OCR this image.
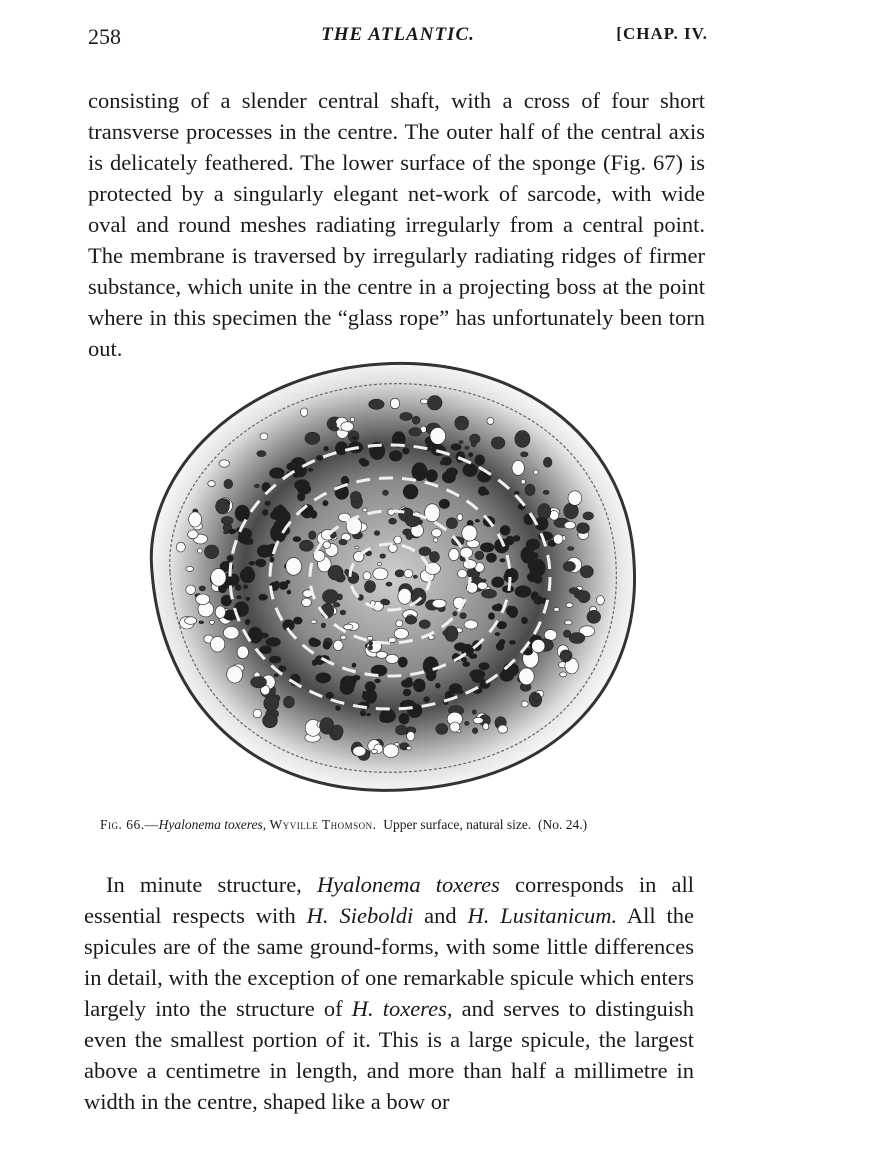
258	THE ATLANTIC.	[CHAP. IV.

consisting of a slender central shaft, with a cross of four short transverse processes in the centre. The outer half of the central axis is delicately feathered. The lower surface of the sponge (Fig. 67) is protected by a singularly elegant net-work of sarcode, with wide oval and round meshes radiating irregularly from a central point. The membrane is traversed by irregularly radiating ridges of firmer substance, which unite in the centre in a projecting boss at the point where in this specimen the “glass rope” has unfortunately been torn out.

Fig. 66.—Hyalonema toxeres, Wyville Thomson. Upper surface, natural size. (No. 24.)

In minute structure, Hyalonema toxeres corresponds in all essential respects with H. Sieboldi and H. Lusitanicum. All the spicules are of the same ground-forms, with some little differences in detail, with the exception of one remarkable spicule which enters largely into the structure of H. toxeres, and serves to distinguish even the smallest portion of it. This is a large spicule, the largest above a centimetre in length, and more than half a millimetre in width in the centre, shaped like a bow or
